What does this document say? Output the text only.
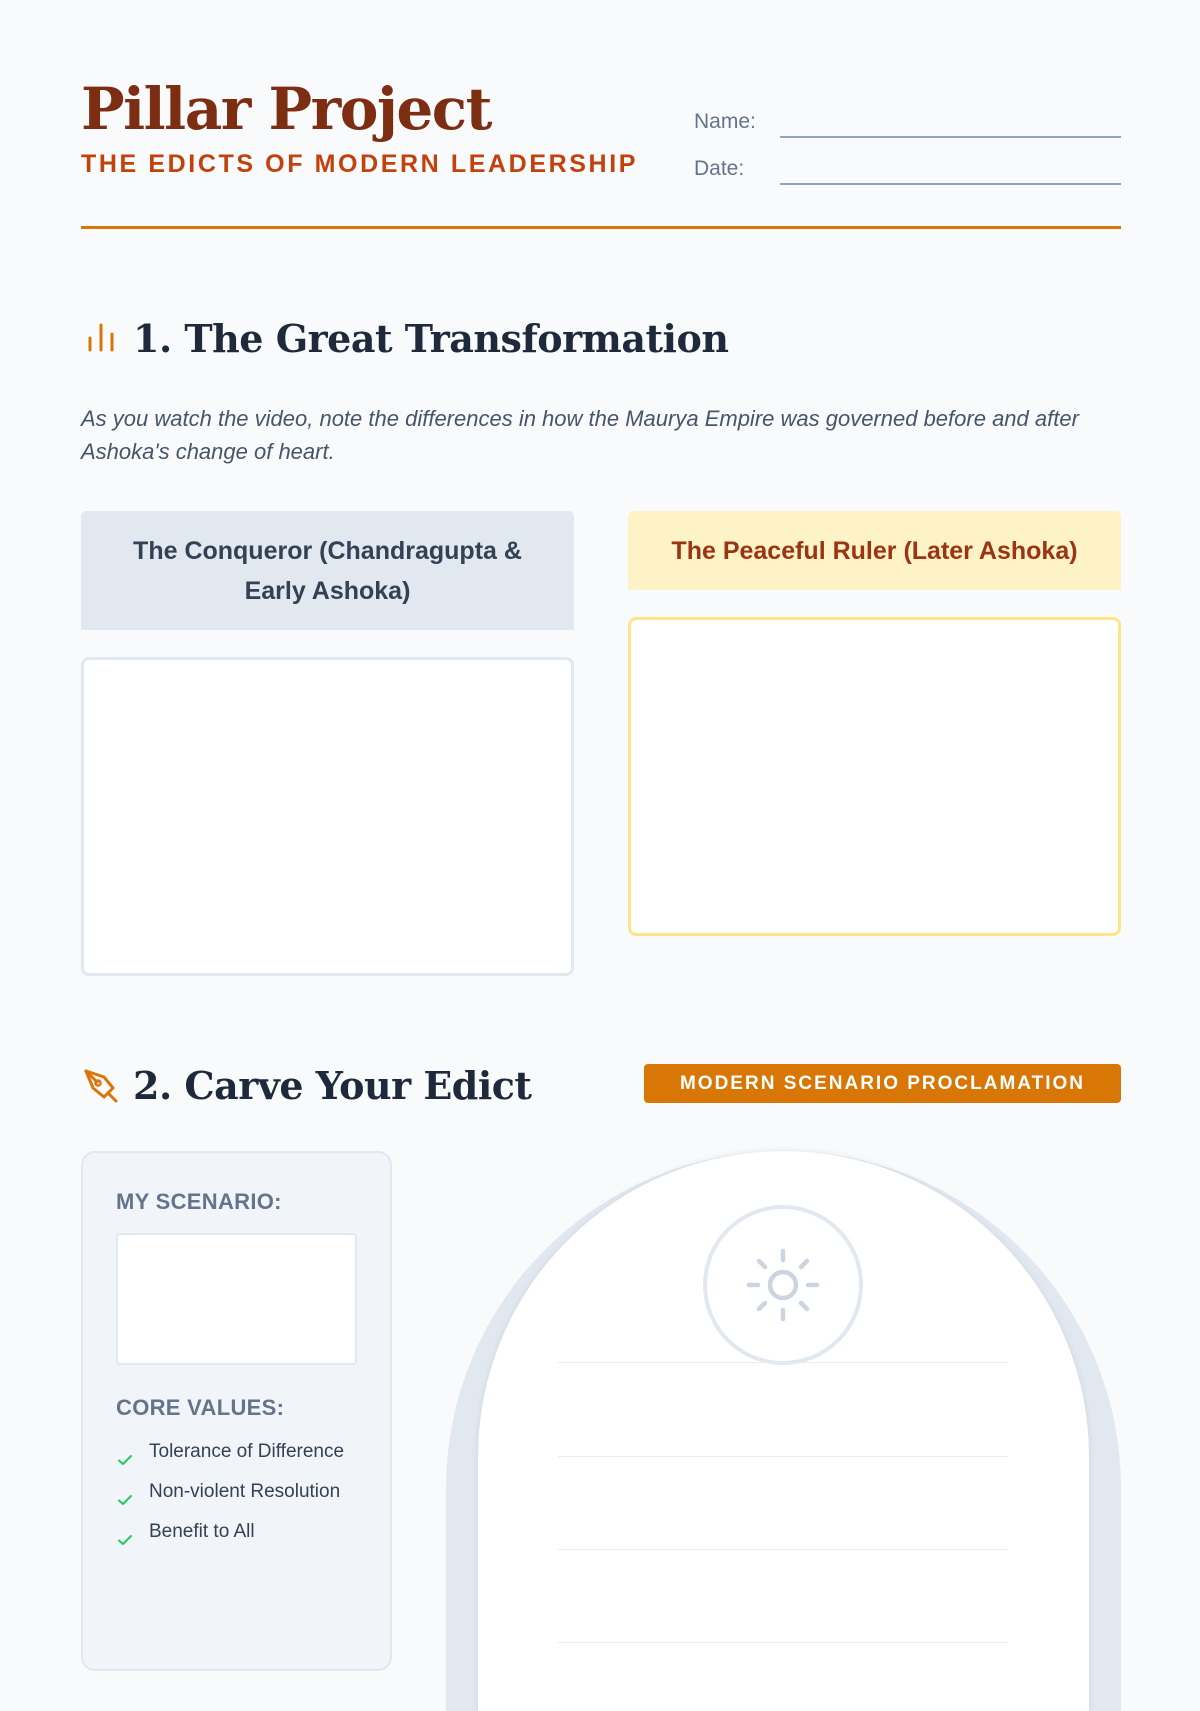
Pillar Project
THE EDICTS OF MODERN LEADERSHIP
Name:
Date:
1. The Great Transformation
As you watch the video, note the differences in how the Maurya Empire was governed before and after Ashoka's change of heart.
The Conqueror (Chandragupta & Early Ashoka)
The Peaceful Ruler (Later Ashoka)
2. Carve Your Edict	MODERN SCENARIO PROCLAMATION
MY SCENARIO:
CORE VALUES:
Tolerance of Difference
Non-violent Resolution
Benefit to All
